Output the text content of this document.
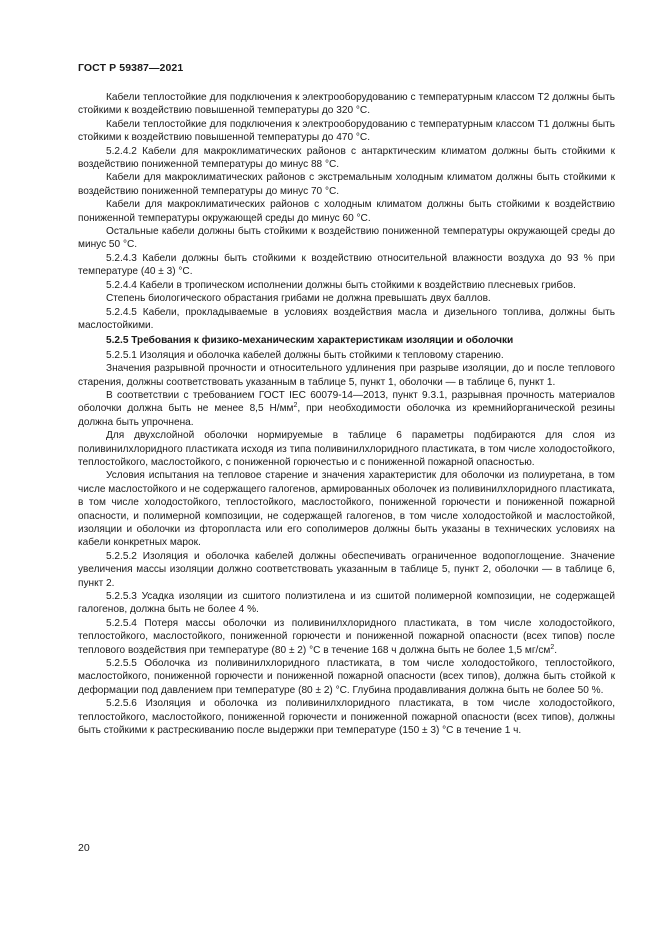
ГОСТ Р 59387—2021

Кабели теплостойкие для подключения к электрооборудованию с температурным классом Т2 должны быть стойкими к воздействию повышенной температуры до 320 °С.

Кабели теплостойкие для подключения к электрооборудованию с температурным классом Т1 должны быть стойкими к воздействию повышенной температуры до 470 °С.

5.2.4.2 Кабели для макроклиматических районов с антарктическим климатом должны быть стойкими к воздействию пониженной температуры до минус 88 °С.

Кабели для макроклиматических районов с экстремальным холодным климатом должны быть стойкими к воздействию пониженной температуры до минус 70 °С.

Кабели для макроклиматических районов с холодным климатом должны быть стойкими к воздействию пониженной температуры окружающей среды до минус 60 °С.

Остальные кабели должны быть стойкими к воздействию пониженной температуры окружающей среды до минус 50 °С.

5.2.4.3 Кабели должны быть стойкими к воздействию относительной влажности воздуха до 93 % при температуре (40 ± 3) °С.

5.2.4.4 Кабели в тропическом исполнении должны быть стойкими к воздействию плесневых грибов.

Степень биологического обрастания грибами не должна превышать двух баллов.

5.2.4.5 Кабели, прокладываемые в условиях воздействия масла и дизельного топлива, должны быть маслостойкими.

5.2.5 Требования к физико-механическим характеристикам изоляции и оболочки

5.2.5.1 Изоляция и оболочка кабелей должны быть стойкими к тепловому старению.

Значения разрывной прочности и относительного удлинения при разрыве изоляции, до и после теплового старения, должны соответствовать указанным в таблице 5, пункт 1, оболочки — в таблице 6, пункт 1.

В соответствии с требованием ГОСТ IEC 60079-14—2013, пункт 9.3.1, разрывная прочность материалов оболочки должна быть не менее 8,5 $Н/мм^2$, при необходимости оболочка из кремнийорганической резины должна быть упрочнена.

Для двухслойной оболочки нормируемые в таблице 6 параметры подбираются для слоя из поливинилхлоридного пластиката исходя из типа поливинилхлоридного пластиката, в том числе холодостойкого, теплостойкого, маслостойкого, с пониженной горючестью и с пониженной пожарной опасностью.

Условия испытания на тепловое старение и значения характеристик для оболочки из полиуретана, в том числе маслостойкого и не содержащего галогенов, армированных оболочек из поливинилхлоридного пластиката, в том числе холодостойкого, теплостойкого, маслостойкого, пониженной горючести и пониженной пожарной опасности, и полимерной композиции, не содержащей галогенов, в том числе холодостойкой и маслостойкой, изоляции и оболочки из фторопласта или его сополимеров должны быть указаны в технических условиях на кабели конкретных марок.

5.2.5.2 Изоляция и оболочка кабелей должны обеспечивать ограниченное водопоглощение. Значение увеличения массы изоляции должно соответствовать указанным в таблице 5, пункт 2, оболочки — в таблице 6, пункт 2.

5.2.5.3 Усадка изоляции из сшитого полиэтилена и из сшитой полимерной композиции, не содержащей галогенов, должна быть не более 4 %.

5.2.5.4 Потеря массы оболочки из поливинилхлоридного пластиката, в том числе холодостойкого, теплостойкого, маслостойкого, пониженной горючести и пониженной пожарной опасности (всех типов) после теплового воздействия при температуре (80 ± 2) °С в течение 168 ч должна быть не более 1,5 $мг/см^2$.

5.2.5.5 Оболочка из поливинилхлоридного пластиката, в том числе холодостойкого, теплостойкого, маслостойкого, пониженной горючести и пониженной пожарной опасности (всех типов), должна быть стойкой к деформации под давлением при температуре (80 ± 2) °С. Глубина продавливания должна быть не более 50 %.

5.2.5.6 Изоляция и оболочка из поливинилхлоридного пластиката, в том числе холодостойкого, теплостойкого, маслостойкого, пониженной горючести и пониженной пожарной опасности (всех типов), должны быть стойкими к растрескиванию после выдержки при температуре (150 ± 3) °С в течение 1 ч.

20
